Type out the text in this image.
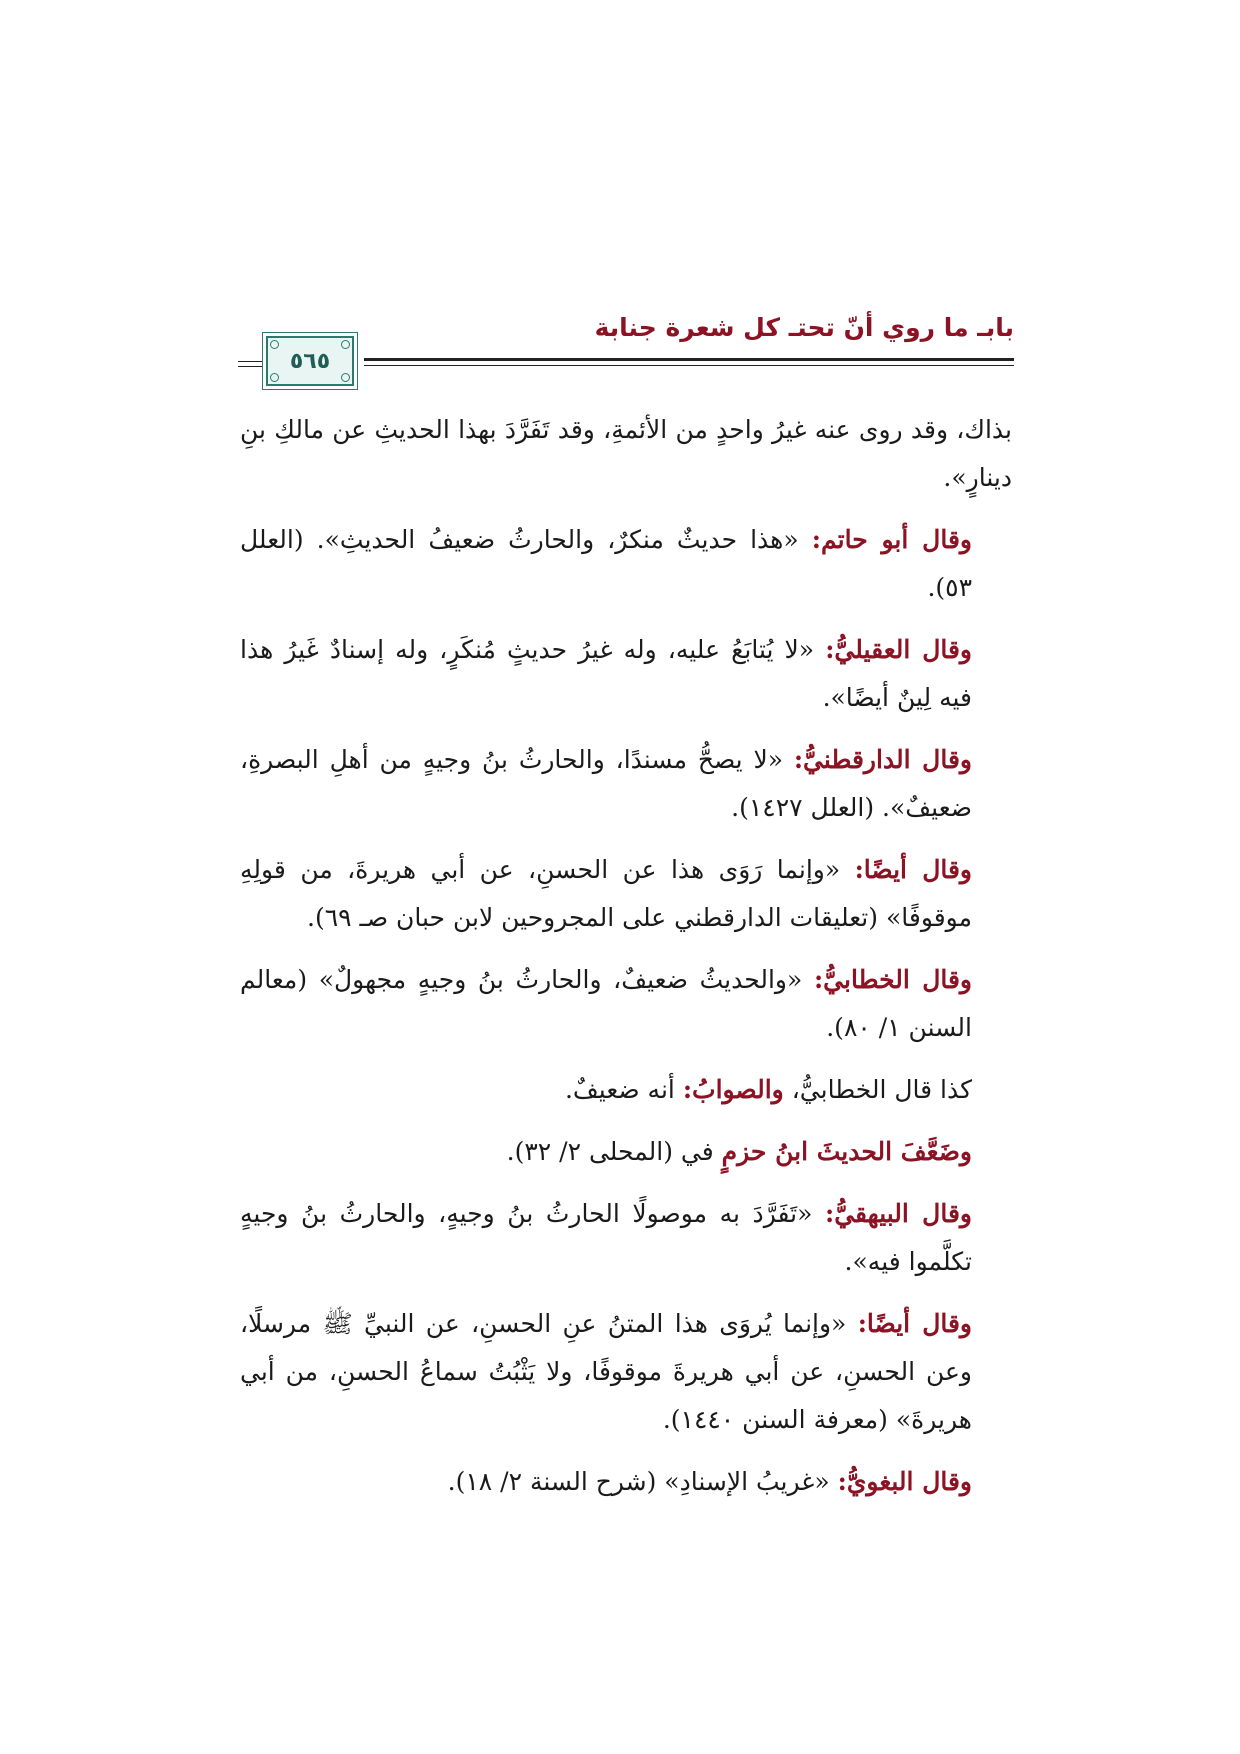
بابـ ما روي أنّ تحتـ كل شعرة جنابة
٥٦٥

بذاك، وقد روى عنه غيرُ واحدٍ من الأئمةِ، وقد تَفَرَّدَ بهذا الحديثِ عن مالكِ بنِ دينارٍ».

وقال أبو حاتم: «هذا حديثٌ منكرٌ، والحارثُ ضعيفُ الحديثِ». (العلل ٥٣).

وقال العقيليُّ: «لا يُتابَعُ عليه، وله غيرُ حديثٍ مُنكَرٍ، وله إسنادٌ غَيرُ هذا فيه لِينٌ أيضًا».

وقال الدارقطنيُّ: «لا يصحُّ مسندًا، والحارثُ بنُ وجيهٍ من أهلِ البصرةِ، ضعيفٌ». (العلل ١٤٢٧).

وقال أيضًا: «وإنما رَوَى هذا عن الحسنِ، عن أبي هريرةَ، من قولِهِ موقوفًا» (تعليقات الدارقطني على المجروحين لابن حبان صـ ٦٩).

وقال الخطابيُّ: «والحديثُ ضعيفٌ، والحارثُ بنُ وجيهٍ مجهولٌ» (معالم السنن ١/ ٨٠).

كذا قال الخطابيُّ، والصوابُ: أنه ضعيفٌ.

وضَعَّفَ الحديثَ ابنُ حزمٍ في (المحلى ٢/ ٣٢).

وقال البيهقيُّ: «تَفَرَّدَ به موصولًا الحارثُ بنُ وجيهٍ، والحارثُ بنُ وجيهٍ تكلَّموا فيه».

وقال أيضًا: «وإنما يُروَى هذا المتنُ عنِ الحسنِ، عن النبيِّ ﷺ مرسلًا، وعن الحسنِ، عن أبي هريرةَ موقوفًا، ولا يَثْبُتُ سماعُ الحسنِ، من أبي هريرةَ» (معرفة السنن ١٤٤٠).

وقال البغويُّ: «غريبُ الإسنادِ» (شرح السنة ٢/ ١٨).
